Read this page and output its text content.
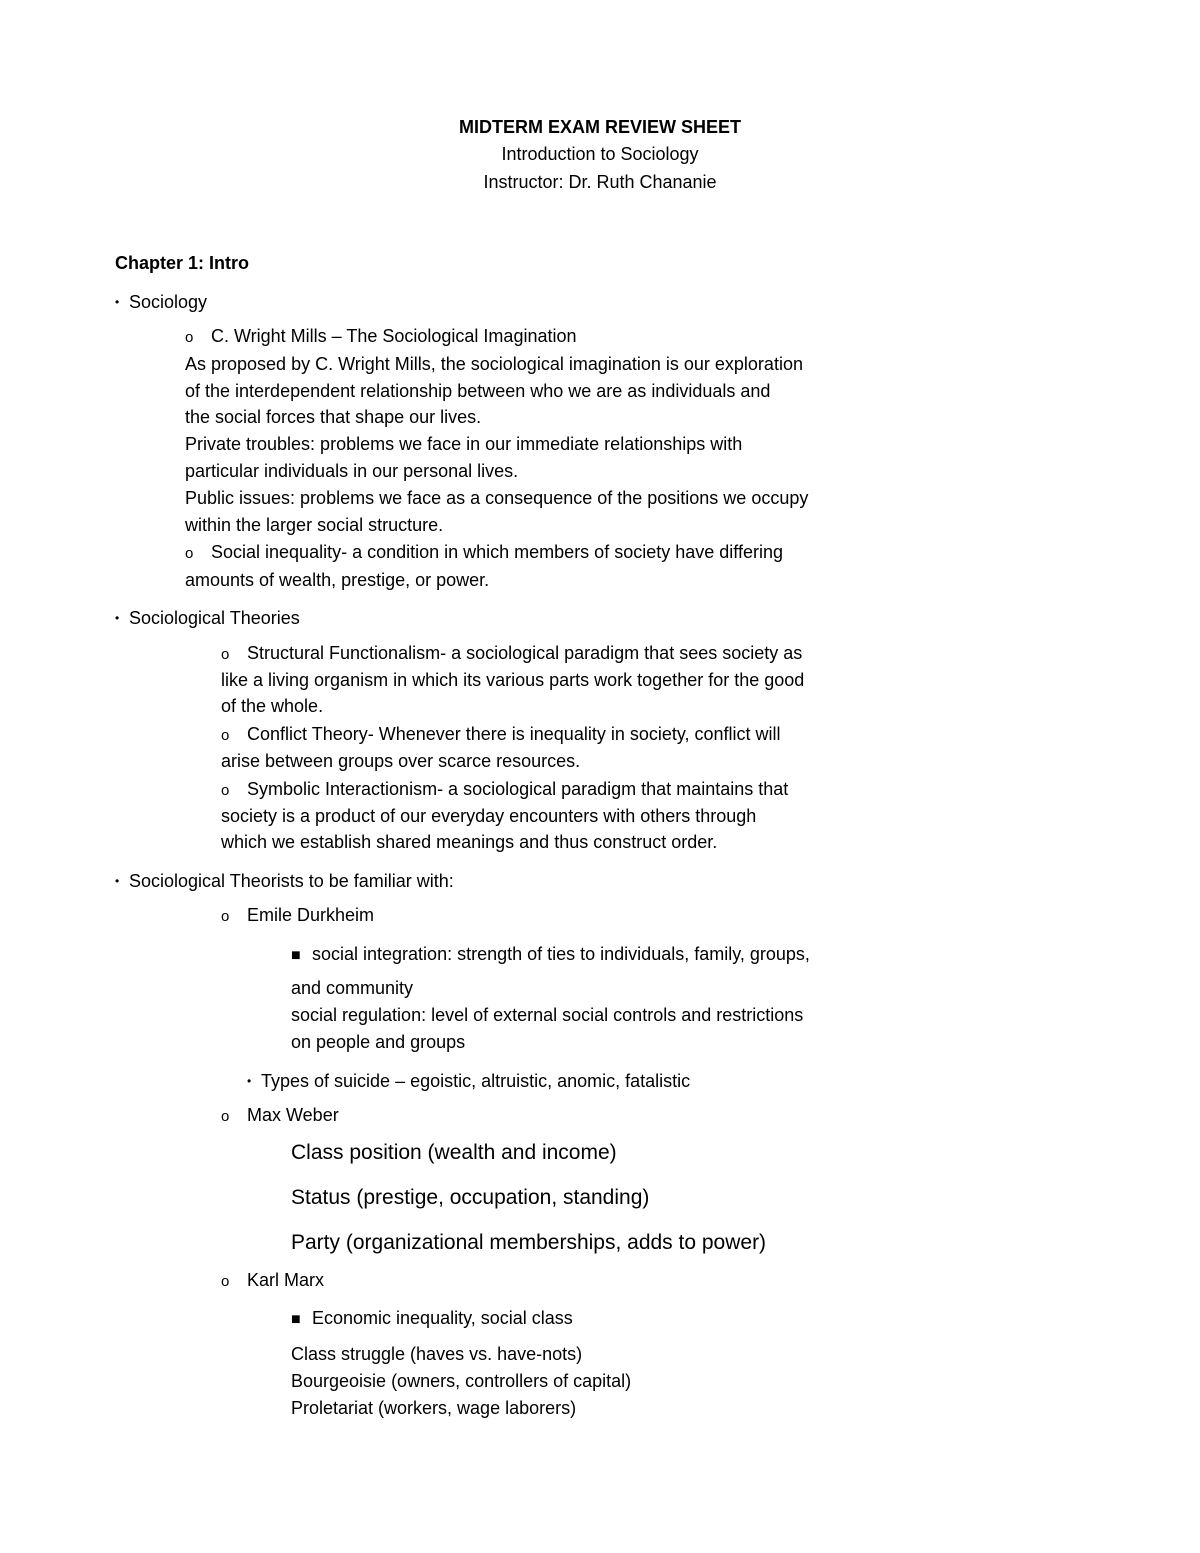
MIDTERM EXAM REVIEW SHEET
Introduction to Sociology
Instructor: Dr. Ruth Chananie
Chapter 1: Intro
• Sociology
o C. Wright Mills – The Sociological Imagination
As proposed by C. Wright Mills, the sociological imagination is our exploration
of the interdependent relationship between who we are as individuals and
the social forces that shape our lives.
Private troubles: problems we face in our immediate relationships with
particular individuals in our personal lives.
Public issues: problems we face as a consequence of the positions we occupy
within the larger social structure.
o Social inequality- a condition in which members of society have differing
amounts of wealth, prestige, or power.
• Sociological Theories
o Structural Functionalism- a sociological paradigm that sees society as
like a living organism in which its various parts work together for the good
of the whole.
o Conflict Theory- Whenever there is inequality in society, conflict will
arise between groups over scarce resources.
o Symbolic Interactionism- a sociological paradigm that maintains that
society is a product of our everyday encounters with others through
which we establish shared meanings and thus construct order.
• Sociological Theorists to be familiar with:
o Emile Durkheim
■ social integration: strength of ties to individuals, family, groups,
and community
social regulation: level of external social controls and restrictions
on people and groups
• Types of suicide – egoistic, altruistic, anomic, fatalistic
o Max Weber
Class position (wealth and income)
Status (prestige, occupation, standing)
Party (organizational memberships, adds to power)
o Karl Marx
■ Economic inequality, social class
Class struggle (haves vs. have-nots)
Bourgeoisie (owners, controllers of capital)
Proletariat (workers, wage laborers)
